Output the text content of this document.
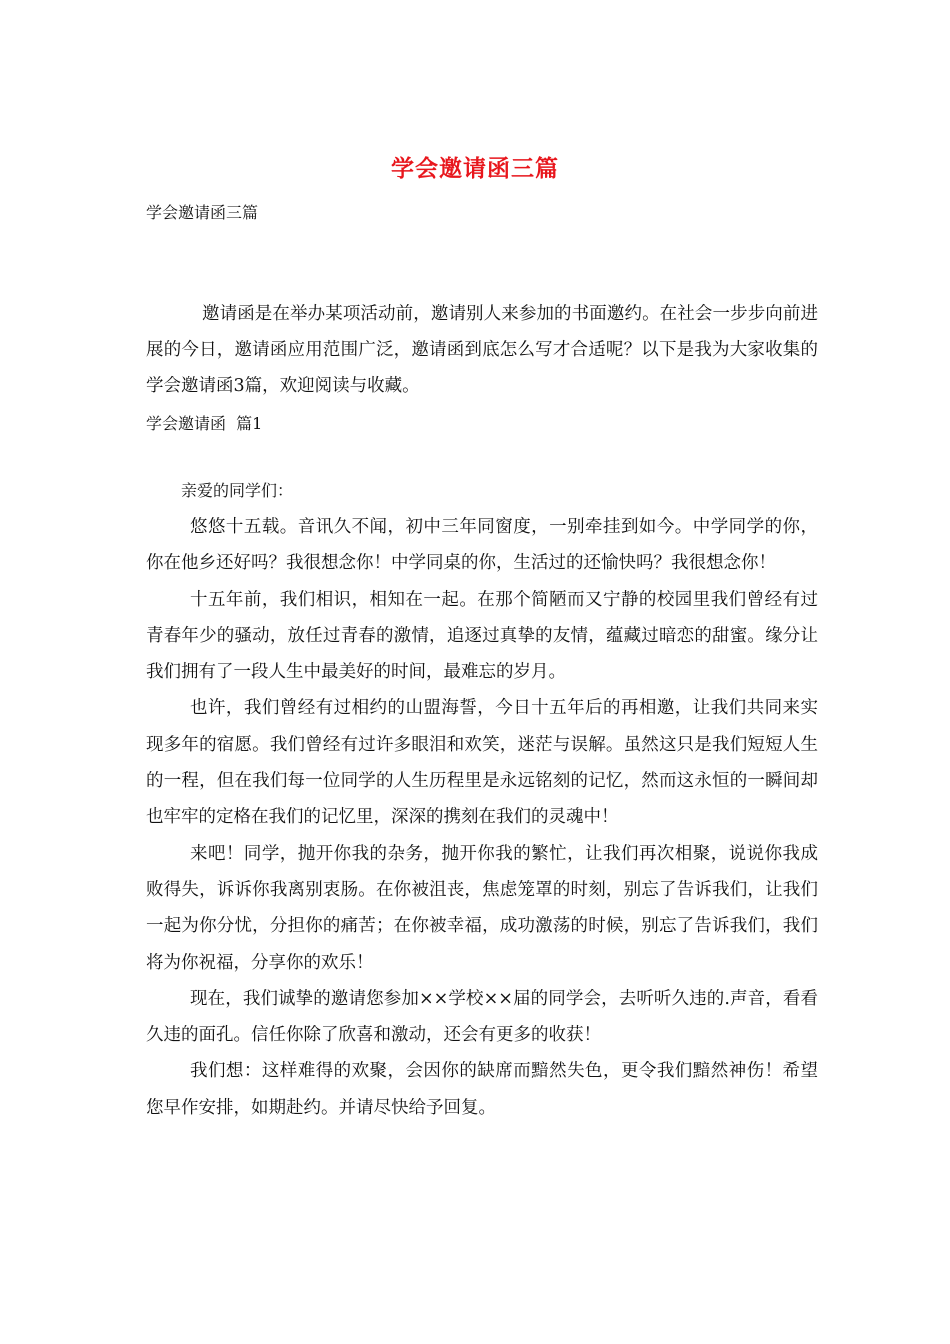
学会邀请函三篇
学会邀请函三篇
邀请函是在举办某项活动前，邀请别人来参加的书面邀约。在社会一步步向前进展的今日，邀请函应用范围广泛，邀请函到底怎么写才合适呢？以下是我为大家收集的学会邀请函3篇，欢迎阅读与收藏。
学会邀请函  篇1
亲爱的同学们：

悠悠十五载。音讯久不闻，初中三年同窗度，一别牵挂到如今。中学同学的你，你在他乡还好吗？我很想念你！中学同桌的你，生活过的还愉快吗？我很想念你！

十五年前，我们相识，相知在一起。在那个简陋而又宁静的校园里我们曾经有过青春年少的骚动，放任过青春的激情，追逐过真挚的友情，蕴藏过暗恋的甜蜜。缘分让我们拥有了一段人生中最美好的时间，最难忘的岁月。

也许，我们曾经有过相约的山盟海誓，今日十五年后的再相邀，让我们共同来实现多年的宿愿。我们曾经有过许多眼泪和欢笑，迷茫与误解。虽然这只是我们短短人生的一程，但在我们每一位同学的人生历程里是永远铭刻的记忆，然而这永恒的一瞬间却也牢牢的定格在我们的记忆里，深深的携刻在我们的灵魂中！

来吧！同学，抛开你我的杂务，抛开你我的繁忙，让我们再次相聚，说说你我成败得失，诉诉你我离别衷肠。在你被沮丧，焦虑笼罩的时刻，别忘了告诉我们，让我们一起为你分忧，分担你的痛苦；在你被幸福，成功激荡的时候，别忘了告诉我们，我们将为你祝福，分享你的欢乐！

现在，我们诚挚的邀请您参加××学校××届的同学会，去听听久违的.声音，看看久违的面孔。信任你除了欣喜和激动，还会有更多的收获！

我们想：这样难得的欢聚，会因你的缺席而黯然失色，更令我们黯然神伤！希望您早作安排，如期赴约。并请尽快给予回复。
